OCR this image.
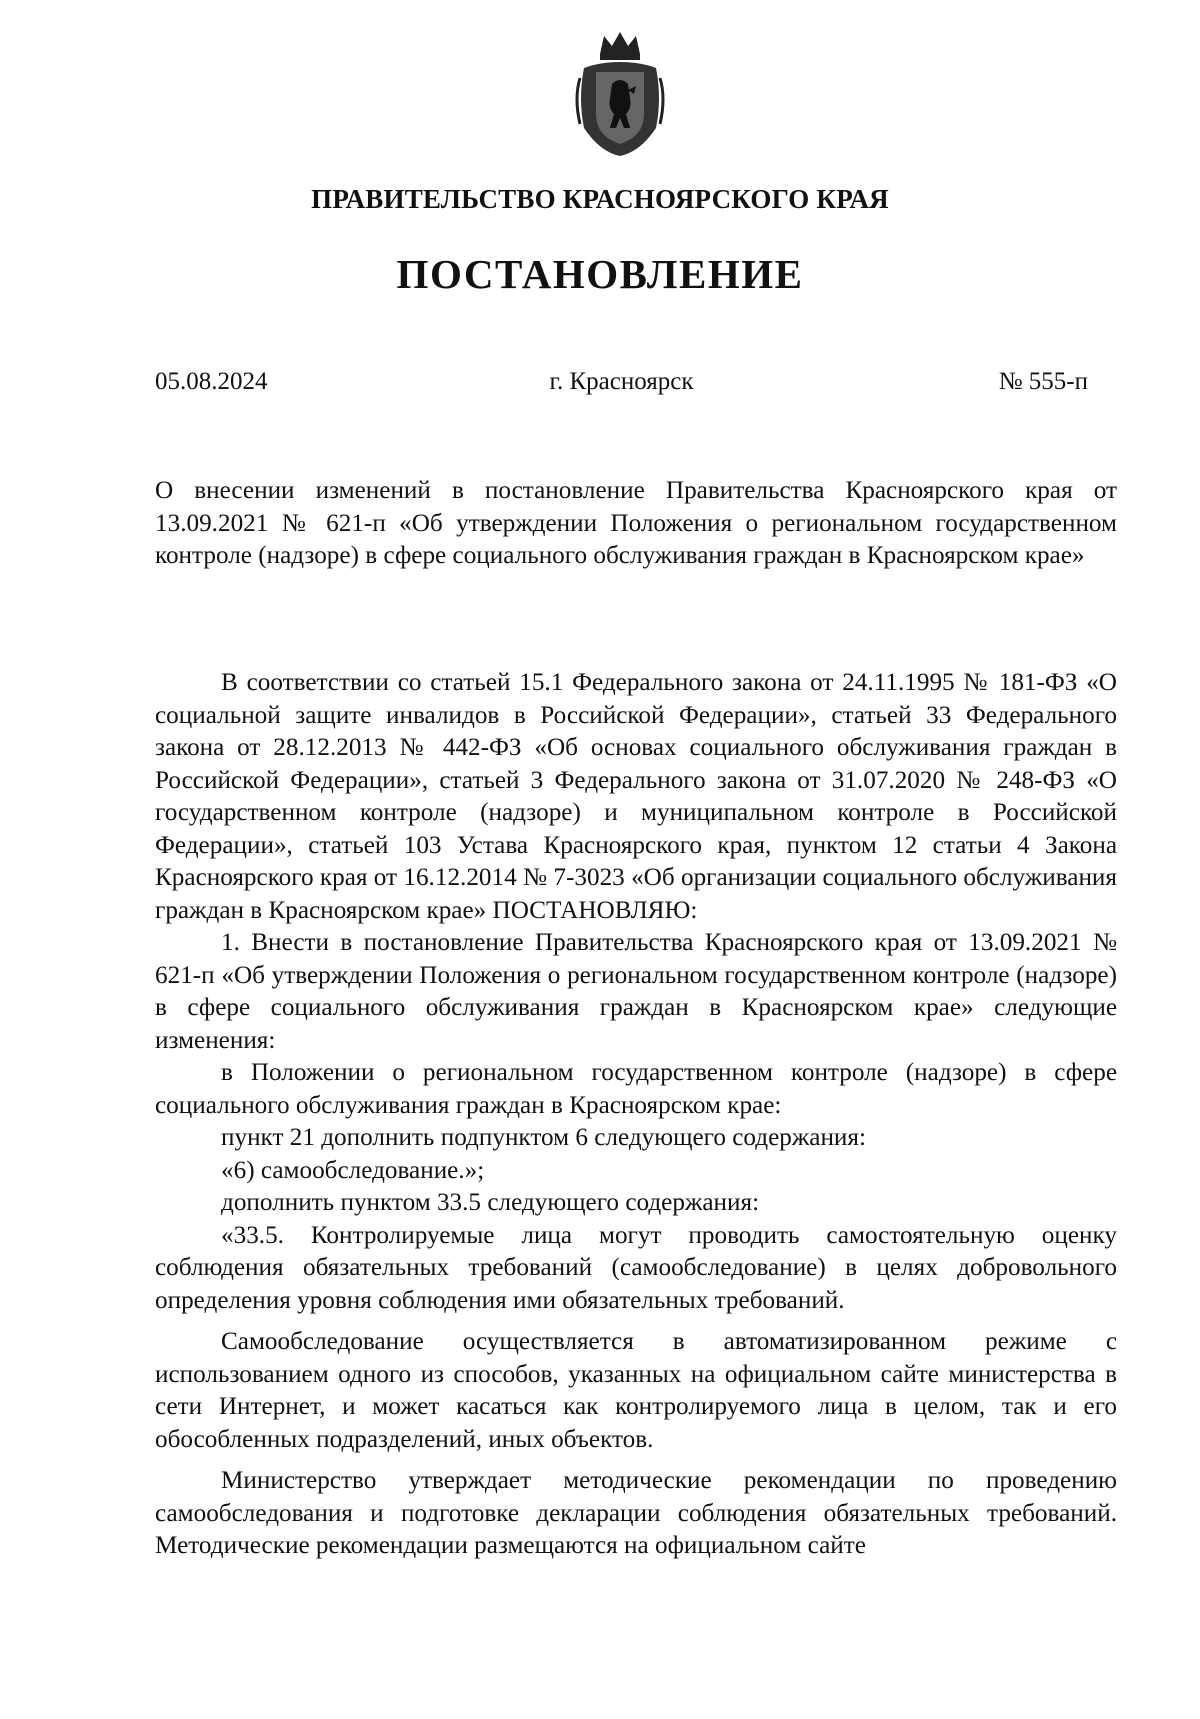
ПРАВИТЕЛЬСТВО КРАСНОЯРСКОГО КРАЯ
ПОСТАНОВЛЕНИЕ
05.08.2024	г. Красноярск	№ 555-п

О внесении изменений в постановление Правительства Красноярского края от 13.09.2021 № 621-п «Об утверждении Положения о региональном государственном контроле (надзоре) в сфере социального обслуживания граждан в Красноярском крае»

В соответствии со статьей 15.1 Федерального закона от 24.11.1995 № 181-ФЗ «О социальной защите инвалидов в Российской Федерации», статьей 33 Федерального закона от 28.12.2013 № 442-ФЗ «Об основах социального обслуживания граждан в Российской Федерации», статьей 3 Федерального закона от 31.07.2020 № 248-ФЗ «О государственном контроле (надзоре) и муниципальном контроле в Российской Федерации», статьей 103 Устава Красноярского края, пунктом 12 статьи 4 Закона Красноярского края от 16.12.2014 № 7-3023 «Об организации социального обслуживания граждан в Красноярском крае» ПОСТАНОВЛЯЮ:

1. Внести в постановление Правительства Красноярского края от 13.09.2021 № 621-п «Об утверждении Положения о региональном государственном контроле (надзоре) в сфере социального обслуживания граждан в Красноярском крае» следующие изменения:

в Положении о региональном государственном контроле (надзоре) в сфере социального обслуживания граждан в Красноярском крае:

пункт 21 дополнить подпунктом 6 следующего содержания:

«6) самообследование.»;

дополнить пунктом 33.5 следующего содержания:

«33.5. Контролируемые лица могут проводить самостоятельную оценку соблюдения обязательных требований (самообследование) в целях добровольного определения уровня соблюдения ими обязательных требований.

Самообследование осуществляется в автоматизированном режиме с использованием одного из способов, указанных на официальном сайте министерства в сети Интернет, и может касаться как контролируемого лица в целом, так и его обособленных подразделений, иных объектов.

Министерство утверждает методические рекомендации по проведению самообследования и подготовке декларации соблюдения обязательных требований. Методические рекомендации размещаются на официальном сайте
